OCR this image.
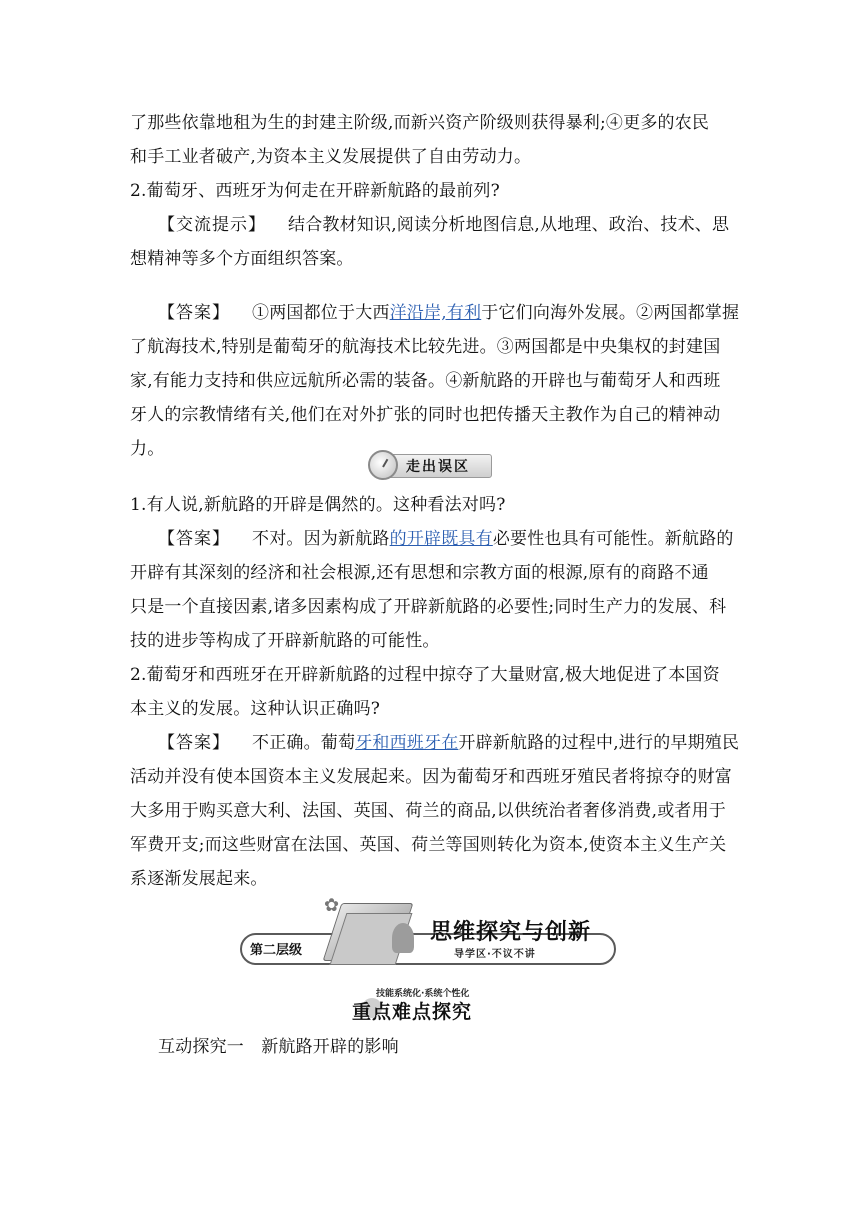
了那些依靠地租为生的封建主阶级,而新兴资产阶级则获得暴利;④更多的农民
和手工业者破产,为资本主义发展提供了自由劳动力。
2.葡萄牙、西班牙为何走在开辟新航路的最前列?
【交流提示】 结合教材知识,阅读分析地图信息,从地理、政治、技术、思
想精神等多个方面组织答案。
【答案】 ①两国都位于大西洋沿岸,有利于它们向海外发展。②两国都掌握
了航海技术,特别是葡萄牙的航海技术比较先进。③两国都是中央集权的封建国
家,有能力支持和供应远航所必需的装备。④新航路的开辟也与葡萄牙人和西班
牙人的宗教情绪有关,他们在对外扩张的同时也把传播天主教作为自己的精神动
力。
走出误区
1.有人说,新航路的开辟是偶然的。这种看法对吗?
【答案】 不对。因为新航路的开辟既具有必要性也具有可能性。新航路的
开辟有其深刻的经济和社会根源,还有思想和宗教方面的根源,原有的商路不通
只是一个直接因素,诸多因素构成了开辟新航路的必要性;同时生产力的发展、科
技的进步等构成了开辟新航路的可能性。
2.葡萄牙和西班牙在开辟新航路的过程中掠夺了大量财富,极大地促进了本国资
本主义的发展。这种认识正确吗?
【答案】 不正确。葡萄牙和西班牙在开辟新航路的过程中,进行的早期殖民
活动并没有使本国资本主义发展起来。因为葡萄牙和西班牙殖民者将掠夺的财富
大多用于购买意大利、法国、英国、荷兰的商品,以供统治者奢侈消费,或者用于
军费开支;而这些财富在法国、英国、荷兰等国则转化为资本,使资本主义生产关
系逐渐发展起来。
第二层级
✿
思维探究与创新
导学区·不议不讲
技能系统化·系统个性化
重点难点探究
互动探究一　新航路开辟的影响
